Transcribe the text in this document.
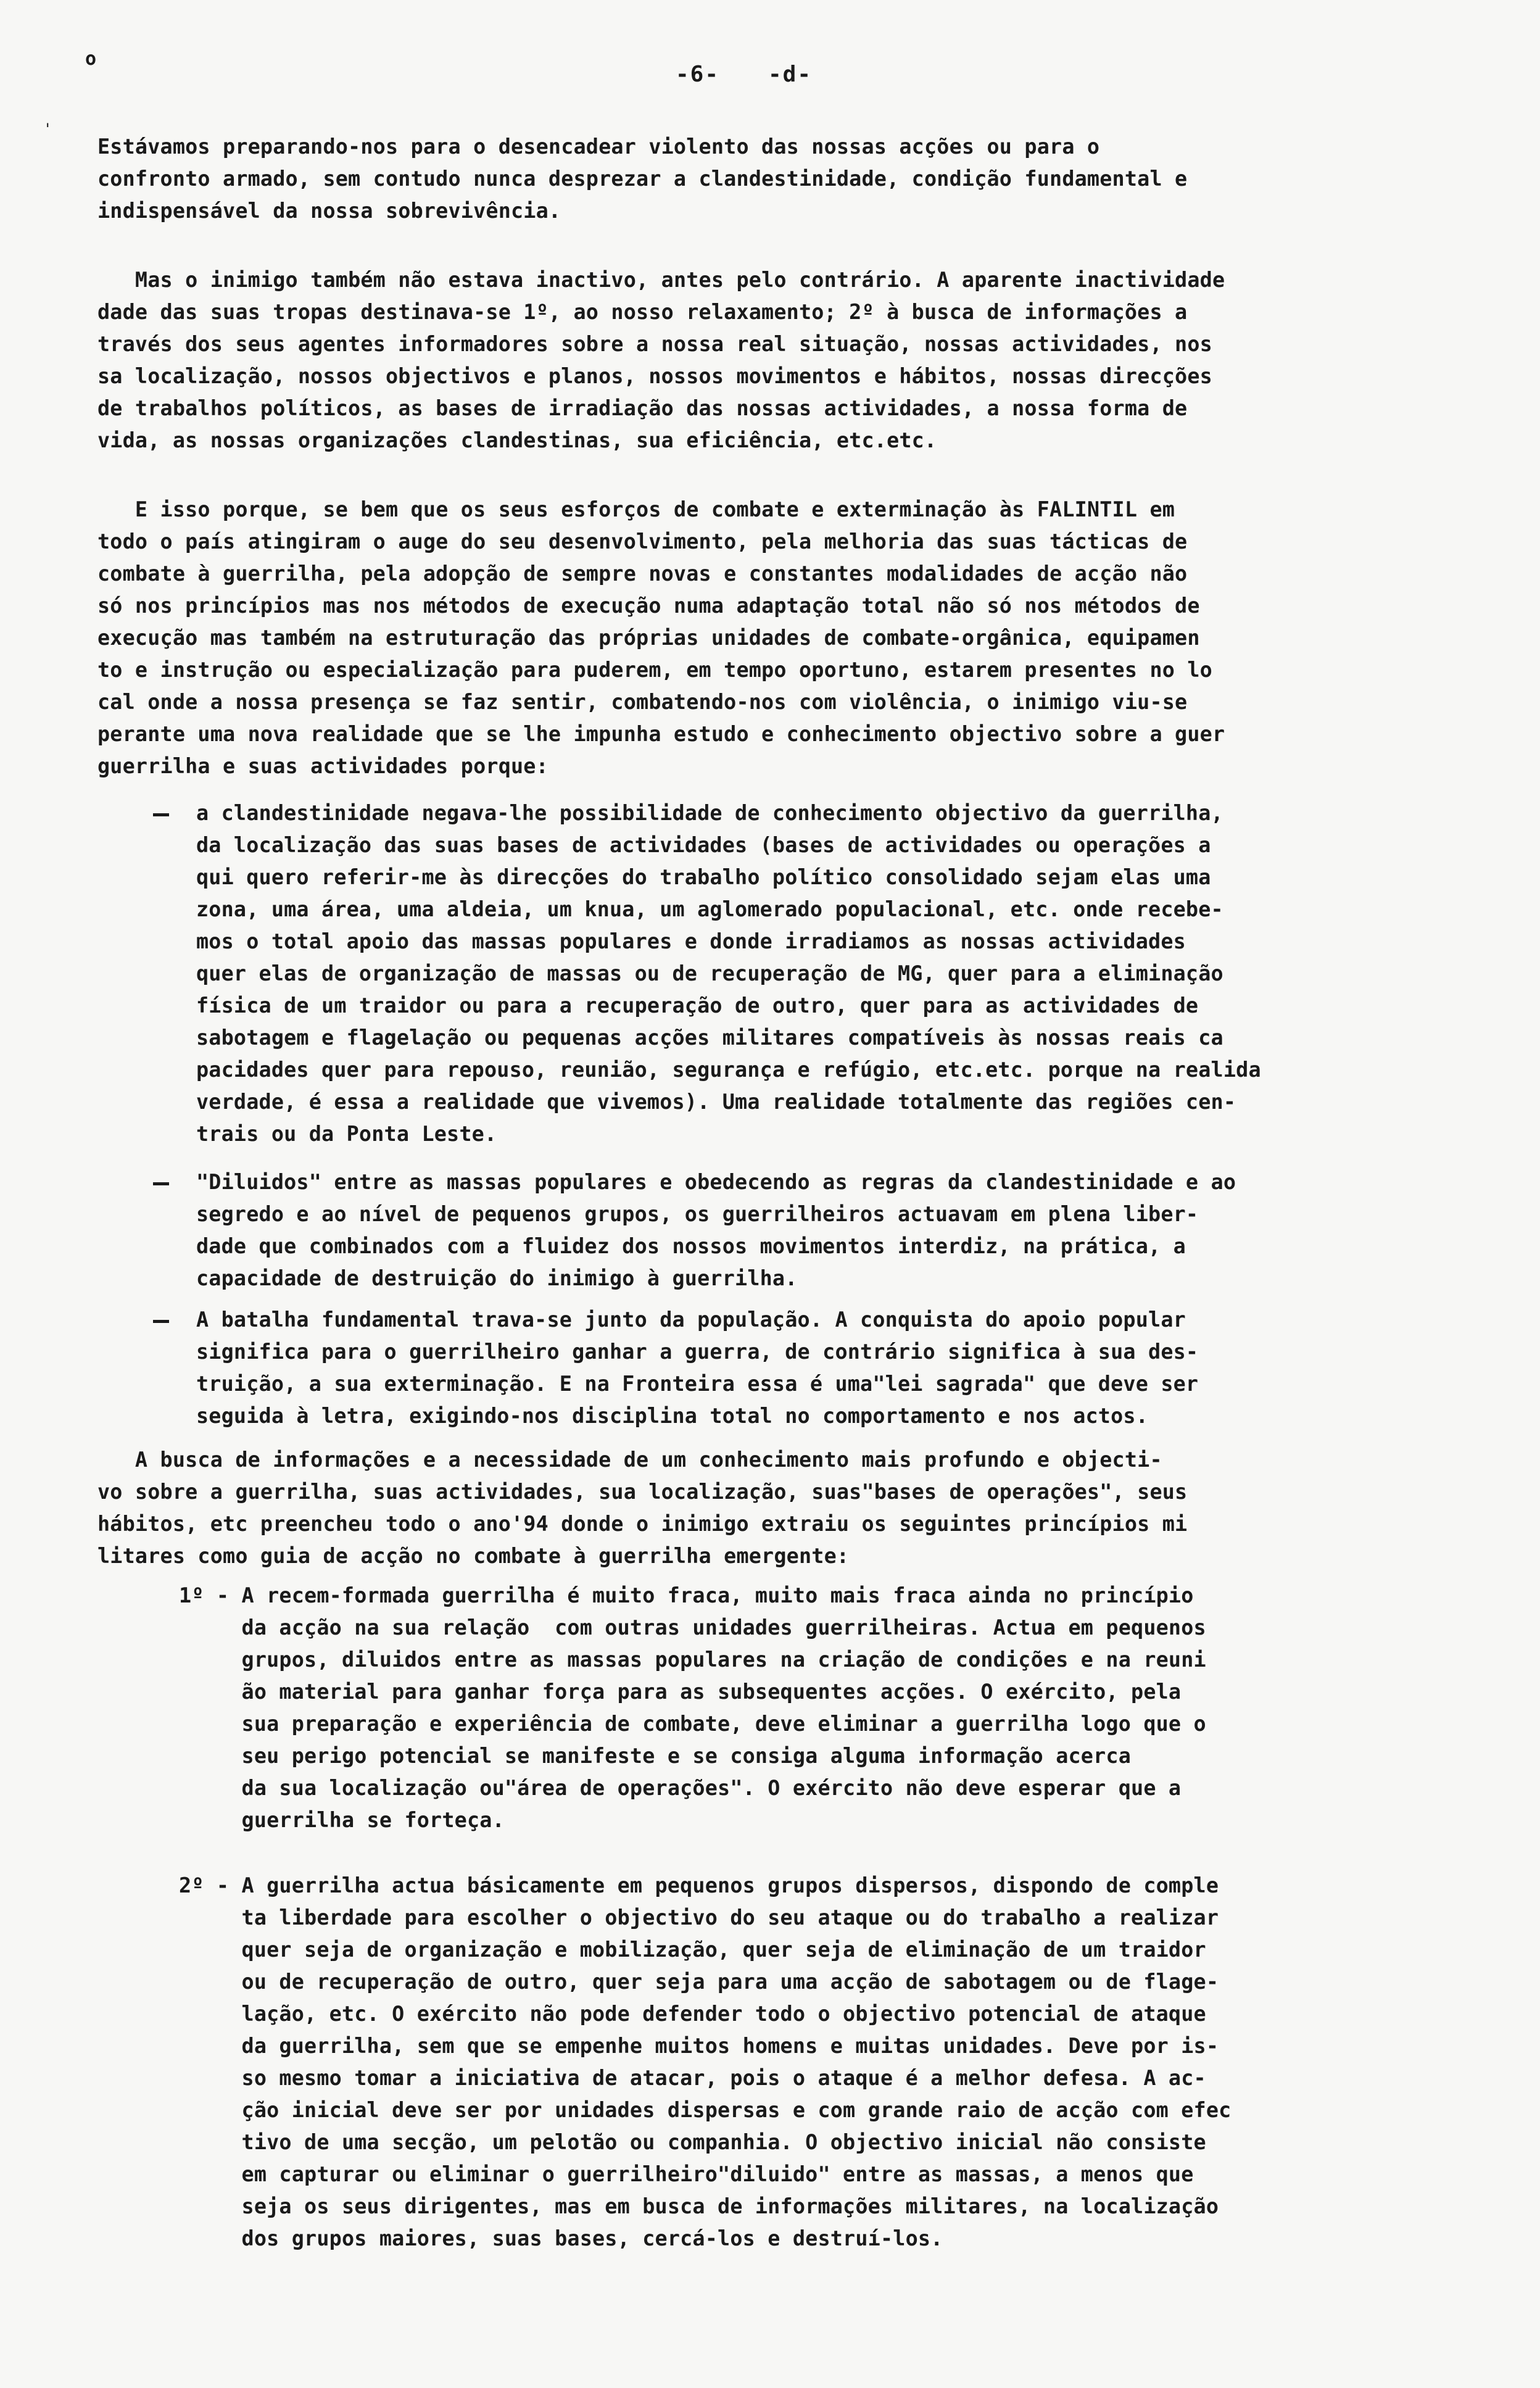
o
'
-6- -d-

Estávamos preparando-nos para o desencadear violento das nossas acções ou para o
confronto armado, sem contudo nunca desprezar a clandestinidade, condição fundamental e
indispensável da nossa sobrevivência.

Mas o inimigo também não estava inactivo, antes pelo contrário. A aparente inactividade
dade das suas tropas destinava-se 1º, ao nosso relaxamento; 2º à busca de informações a
través dos seus agentes informadores sobre a nossa real situação, nossas actividades, nos
sa localização, nossos objectivos e planos, nossos movimentos e hábitos, nossas direcções
de trabalhos políticos, as bases de irradiação das nossas actividades, a nossa forma de
vida, as nossas organizações clandestinas, sua eficiência, etc.etc.

E isso porque, se bem que os seus esforços de combate e exterminação às FALINTIL em
todo o país atingiram o auge do seu desenvolvimento, pela melhoria das suas tácticas de
combate à guerrilha, pela adopção de sempre novas e constantes modalidades de acção não
só nos princípios mas nos métodos de execução numa adaptação total não só nos métodos de
execução mas também na estruturação das próprias unidades de combate-orgânica, equipamen
to e instrução ou especialização para puderem, em tempo oportuno, estarem presentes no lo
cal onde a nossa presença se faz sentir, combatendo-nos com violência, o inimigo viu-se
perante uma nova realidade que se lhe impunha estudo e conhecimento objectivo sobre a guer
guerrilha e suas actividades porque:

a clandestinidade negava-lhe possibilidade de conhecimento objectivo da guerrilha,
da localização das suas bases de actividades (bases de actividades ou operações a
qui quero referir-me às direcções do trabalho político consolidado sejam elas uma
zona, uma área, uma aldeia, um knua, um aglomerado populacional, etc. onde recebe-
mos o total apoio das massas populares e donde irradiamos as nossas actividades
quer elas de organização de massas ou de recuperação de MG, quer para a eliminação
física de um traidor ou para a recuperação de outro, quer para as actividades de
sabotagem e flagelação ou pequenas acções militares compatíveis às nossas reais ca
pacidades quer para repouso, reunião, segurança e refúgio, etc.etc. porque na realida
verdade, é essa a realidade que vivemos). Uma realidade totalmente das regiões cen-
trais ou da Ponta Leste.

"Diluidos" entre as massas populares e obedecendo as regras da clandestinidade e ao
segredo e ao nível de pequenos grupos, os guerrilheiros actuavam em plena liber-
dade que combinados com a fluidez dos nossos movimentos interdiz, na prática, a
capacidade de destruição do inimigo à guerrilha.

A batalha fundamental trava-se junto da população. A conquista do apoio popular
significa para o guerrilheiro ganhar a guerra, de contrário significa à sua des-
truição, a sua exterminação. E na Fronteira essa é uma"lei sagrada" que deve ser
seguida à letra, exigindo-nos disciplina total no comportamento e nos actos.

A busca de informações e a necessidade de um conhecimento mais profundo e objecti-
vo sobre a guerrilha, suas actividades, sua localização, suas"bases de operações", seus
hábitos, etc preencheu todo o ano'94 donde o inimigo extraiu os seguintes princípios mi
litares como guia de acção no combate à guerrilha emergente:

1º - A recem-formada guerrilha é muito fraca, muito mais fraca ainda no princípio
da acção na sua relação  com outras unidades guerrilheiras. Actua em pequenos
grupos, diluidos entre as massas populares na criação de condições e na reuni
ão material para ganhar força para as subsequentes acções. O exército, pela
sua preparação e experiência de combate, deve eliminar a guerrilha logo que o
seu perigo potencial se manifeste e se consiga alguma informação acerca
da sua localização ou"área de operações". O exército não deve esperar que a
guerrilha se forteça.

2º - A guerrilha actua básicamente em pequenos grupos dispersos, dispondo de comple
ta liberdade para escolher o objectivo do seu ataque ou do trabalho a realizar
quer seja de organização e mobilização, quer seja de eliminação de um traidor
ou de recuperação de outro, quer seja para uma acção de sabotagem ou de flage-
lação, etc. O exército não pode defender todo o objectivo potencial de ataque
da guerrilha, sem que se empenhe muitos homens e muitas unidades. Deve por is-
so mesmo tomar a iniciativa de atacar, pois o ataque é a melhor defesa. A ac-
ção inicial deve ser por unidades dispersas e com grande raio de acção com efec
tivo de uma secção, um pelotão ou companhia. O objectivo inicial não consiste
em capturar ou eliminar o guerrilheiro"diluido" entre as massas, a menos que
seja os seus dirigentes, mas em busca de informações militares, na localização
dos grupos maiores, suas bases, cercá-los e destruí-los.
